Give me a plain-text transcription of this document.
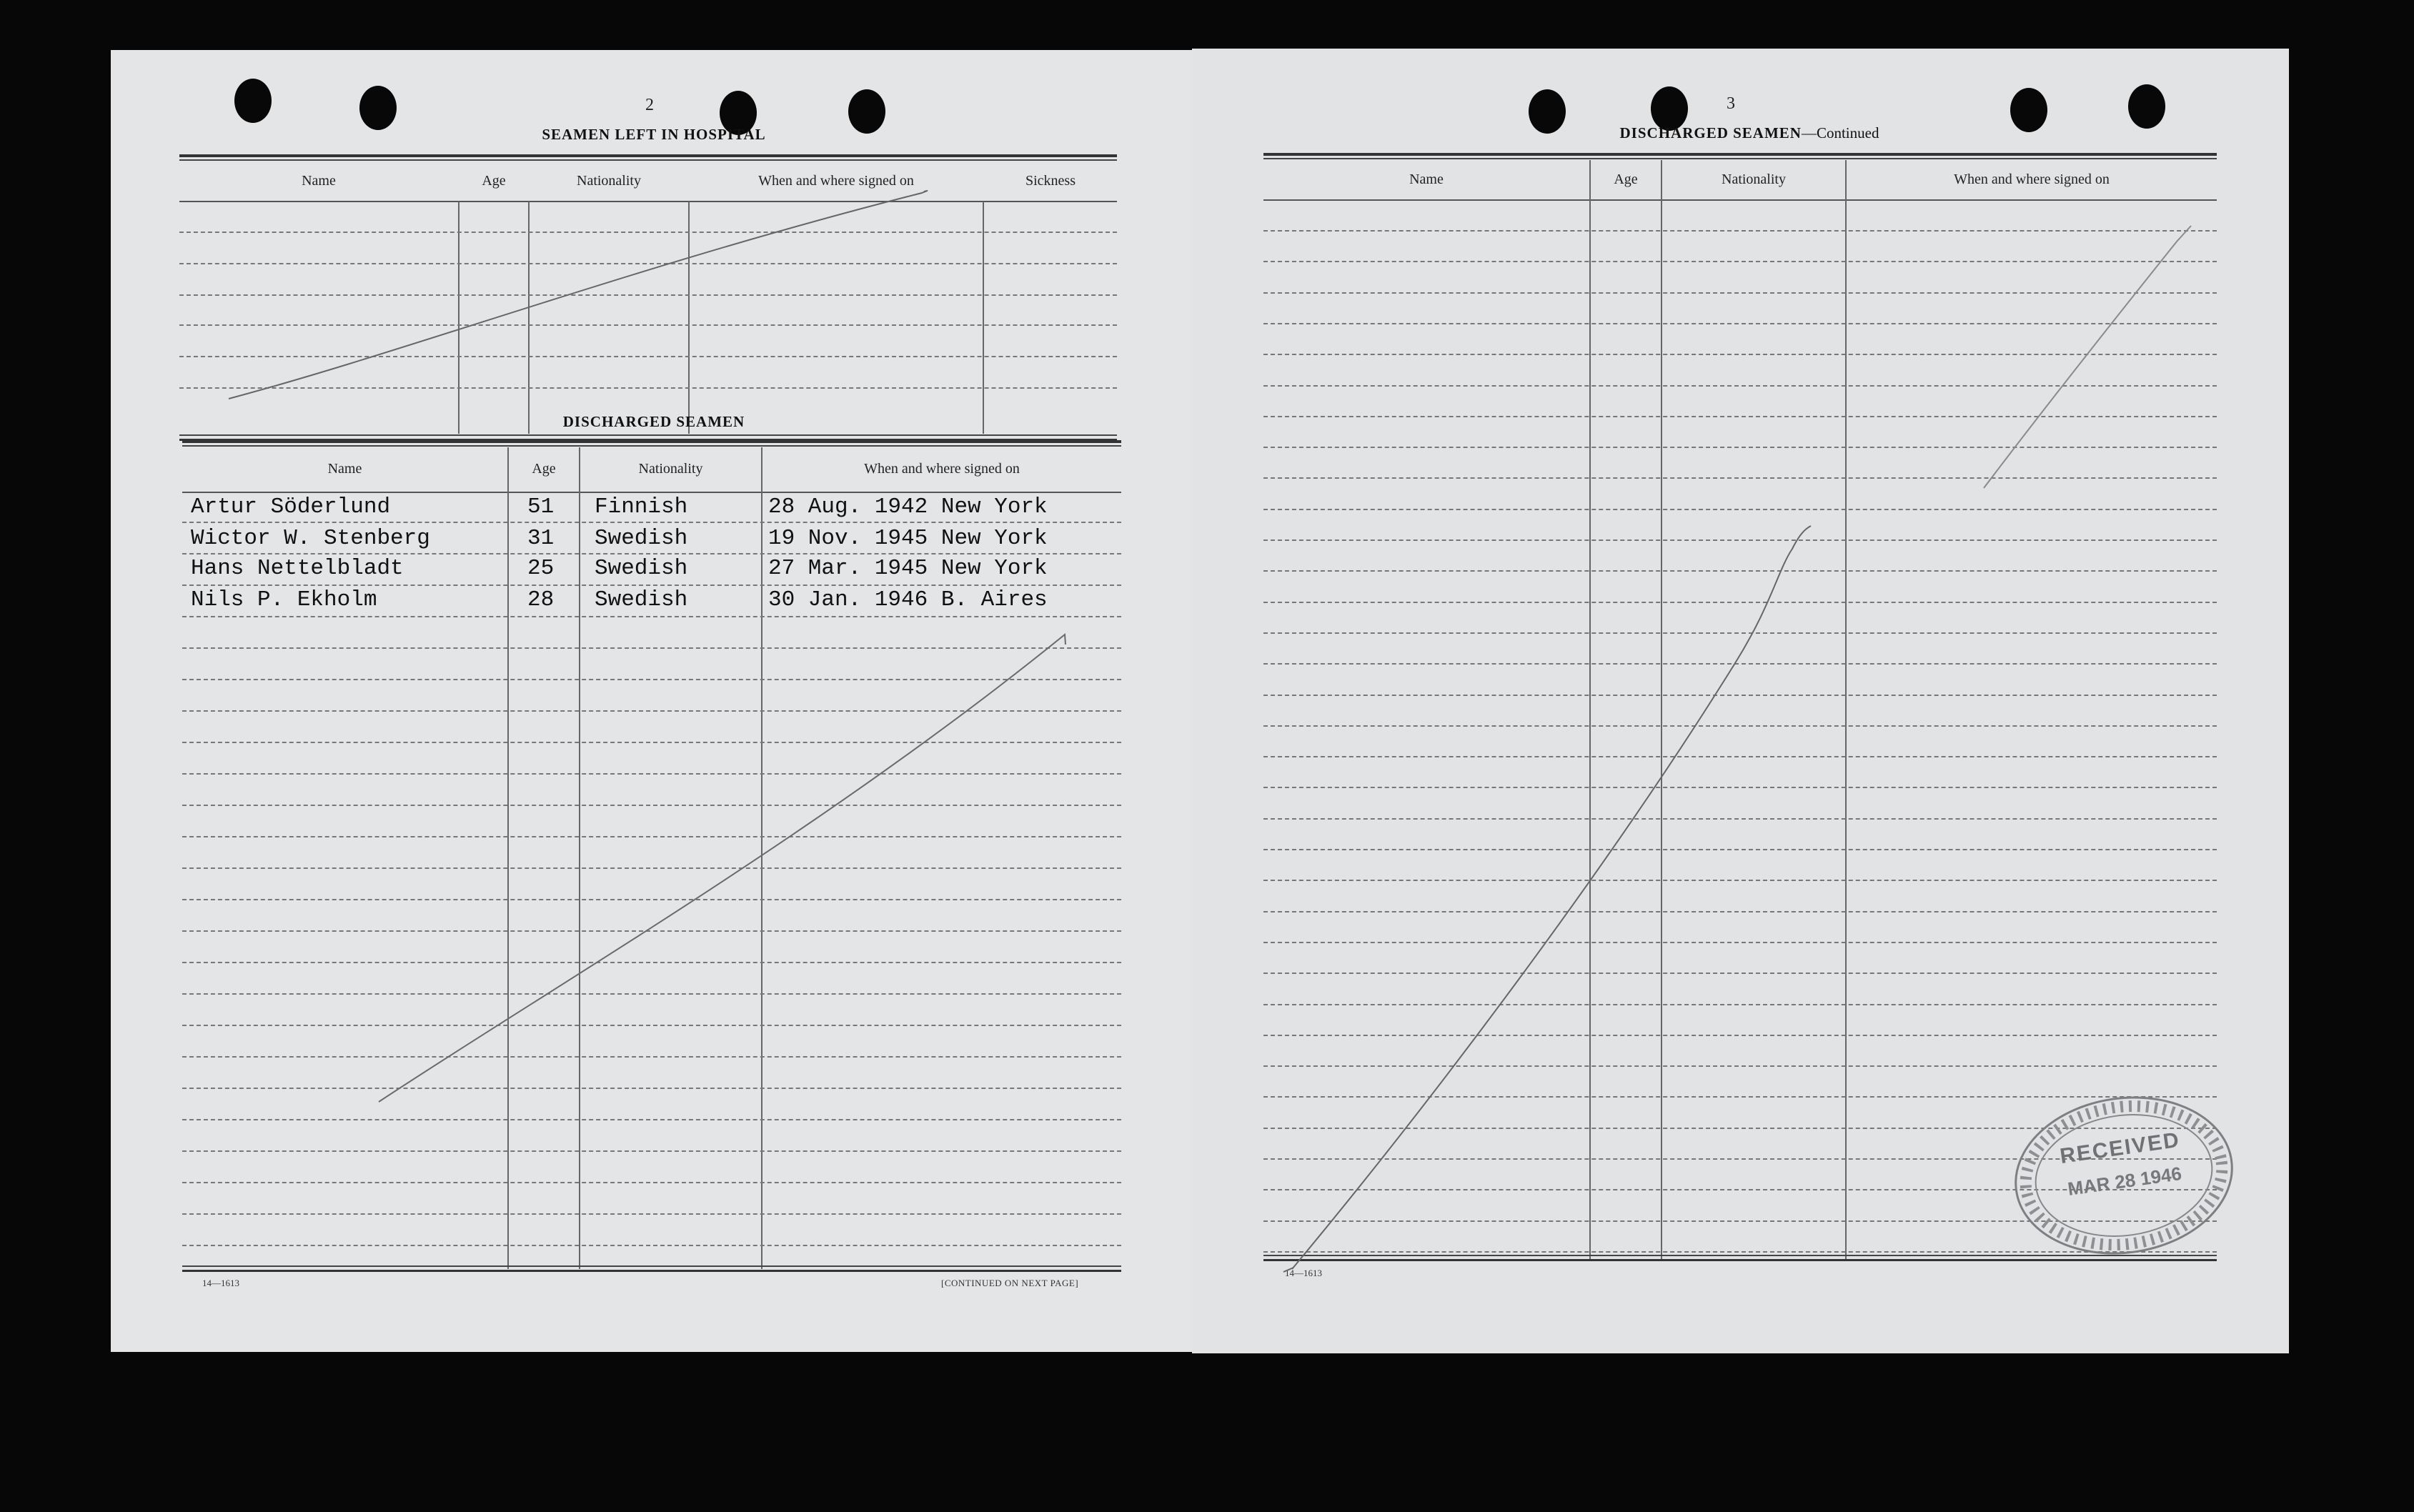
2
SEAMEN LEFT IN HOSPITAL
Name	Age	Nationality	When and where signed on	Sickness
DISCHARGED SEAMEN
Name	Age	Nationality	When and where signed on
Artur Söderlund	51 Finnish	28 Aug. 1942 New York
Wictor W. Stenberg	31 Swedish	19 Nov. 1945 New York
Hans Nettelbladt	25 Swedish	27 Mar. 1945 New York
Nils P. Ekholm	28 Swedish	30 Jan. 1946 B. Aires
14—1613	[CONTINUED ON NEXT PAGE]
3
DISCHARGED SEAMEN—Continued
Name	Age	Nationality	When and where signed on
14—1613
RECEIVED
MAR 28 1946
